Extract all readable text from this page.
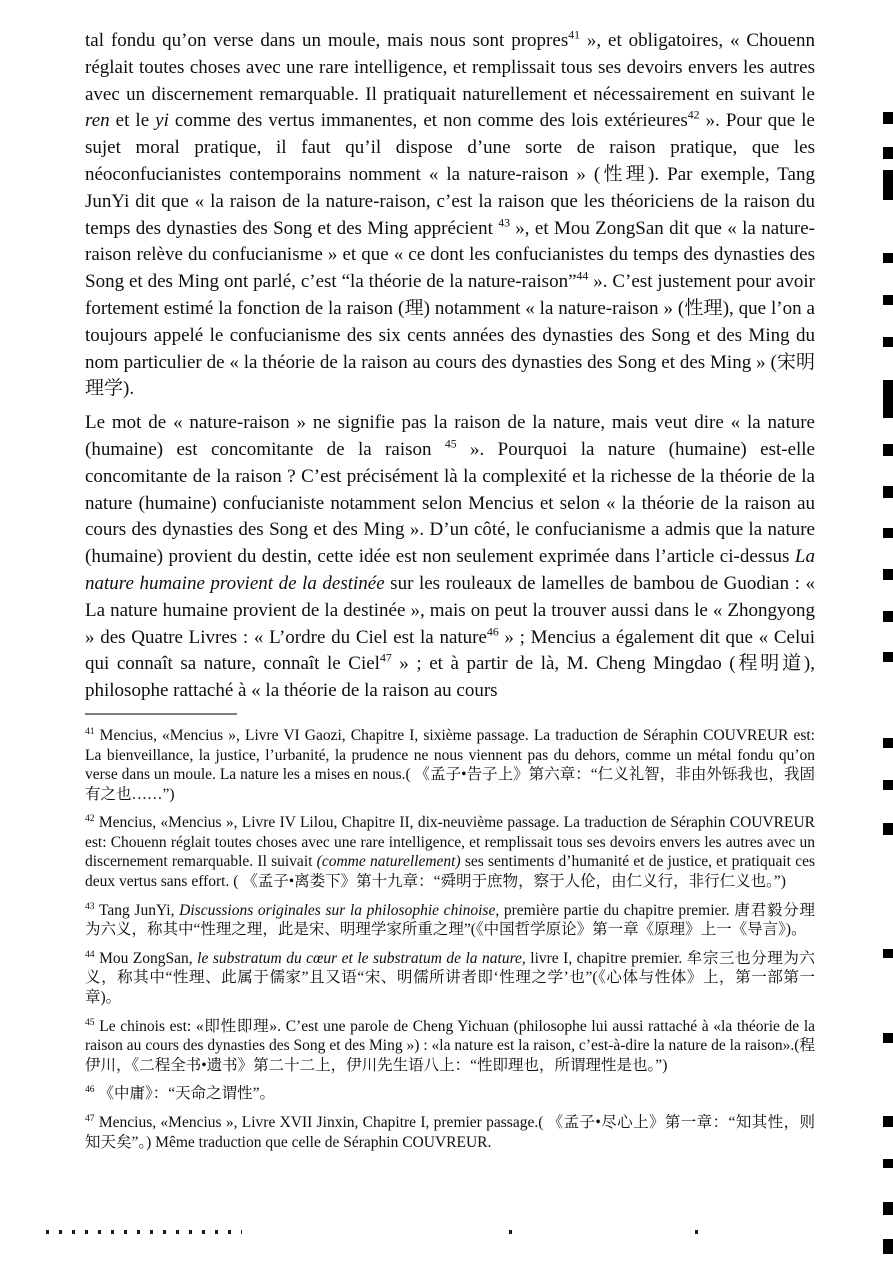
tal fondu qu’on verse dans un moule, mais nous sont propres$^{41}$ », et obligatoires, « Chouenn réglait toutes choses avec une rare intelligence, et remplissait tous ses devoirs envers les autres avec un discernement remarquable. Il pratiquait naturellement et nécessairement en suivant le ren et le yi comme des vertus immanentes, et non comme des lois extérieures$^{42}$ ». Pour que le sujet moral pratique, il faut qu’il dispose d’une sorte de raison pratique, que les néoconfucianistes contemporains nomment « la nature-raison » (性理). Par exemple, Tang JunYi dit que « la raison de la nature-raison, c’est la raison que les théoriciens de la raison du temps des dynasties des Song et des Ming apprécient $^{43}$ », et Mou ZongSan dit que « la nature-raison relève du confucianisme » et que « ce dont les confucianistes du temps des dynasties des Song et des Ming ont parlé, c’est “la théorie de la nature-raison”$^{44}$ ». C’est justement pour avoir fortement estimé la fonction de la raison (理) notamment « la nature-raison » (性理), que l’on a toujours appelé le confucianisme des six cents années des dynasties des Song et des Ming du nom particulier de « la théorie de la raison au cours des dynasties des Song et des Ming » (宋明理学).

Le mot de « nature-raison » ne signifie pas la raison de la nature, mais veut dire « la nature (humaine) est concomitante de la raison $^{45}$ ». Pourquoi la nature (humaine) est-elle concomitante de la raison ? C’est précisément là la complexité et la richesse de la théorie de la nature (humaine) confucianiste notamment selon Mencius et selon « la théorie de la raison au cours des dynasties des Song et des Ming ». D’un côté, le confucianisme a admis que la nature (humaine) provient du destin, cette idée est non seulement exprimée dans l’article ci-dessus La nature humaine provient de la destinée sur les rouleaux de lamelles de bambou de Guodian : « La nature humaine provient de la destinée », mais on peut la trouver aussi dans le « Zhongyong » des Quatre Livres : « L’ordre du Ciel est la nature$^{46}$ » ; Mencius a également dit que « Celui qui connaît sa nature, connaît le Ciel$^{47}$ » ; et à partir de là, M. Cheng Mingdao (程明道), philosophe rattaché à « la théorie de la raison au cours

$^{41}$ Mencius, «Mencius », Livre VI Gaozi, Chapitre I, sixième passage. La traduction de Séraphin COUVREUR est: La bienveillance, la justice, l’urbanité, la prudence ne nous viennent pas du dehors, comme un métal fondu qu’on verse dans un moule. La nature les a mises en nous.( 《孟子•告子上》第六章：“仁义礼智，非由外铄我也，我固有之也……”)

$^{42}$ Mencius, «Mencius », Livre IV Lilou, Chapitre II, dix-neuvième passage. La traduction de Séraphin COUVREUR est: Chouenn réglait toutes choses avec une rare intelligence, et remplissait tous ses devoirs envers les autres avec un discernement remarquable. Il suivait (comme naturellement) ses sentiments d’humanité et de justice, et pratiquait ces deux vertus sans effort. ( 《孟子•离娄下》第十九章：“舜明于庶物，察于人伦，由仁义行，非行仁义也。”)

$^{43}$ Tang JunYi, Discussions originales sur la philosophie chinoise, première partie du chapitre premier. 唐君毅分理为六义，称其中“性理之理，此是宋、明理学家所重之理”(《中国哲学原论》第一章《原理》上一《导言》)。

$^{44}$ Mou ZongSan, le substratum du cœur et le substratum de la nature, livre I, chapitre premier. 牟宗三也分理为六义，称其中“性理、此属于儒家”且又语“宋、明儒所讲者即‘性理之学’也”(《心体与性体》上，第一部第一章)。

$^{45}$ Le chinois est: «即性即理». C’est une parole de Cheng Yichuan (philosophe lui aussi rattaché à «la théorie de la raison au cours des dynasties des Song et des Ming ») : «la nature est la raison, c’est-à-dire la nature de la raison».(程伊川，《二程全书•遗书》第二十二上，伊川先生语八上：“性即理也，所谓理性是也。”)

$^{46}$ 《中庸》：“天命之谓性”。

$^{47}$ Mencius, «Mencius », Livre XVII Jinxin, Chapitre I, premier passage.( 《孟子•尽心上》第一章：“知其性，则知天矣”。) Même traduction que celle de Séraphin COUVREUR.
